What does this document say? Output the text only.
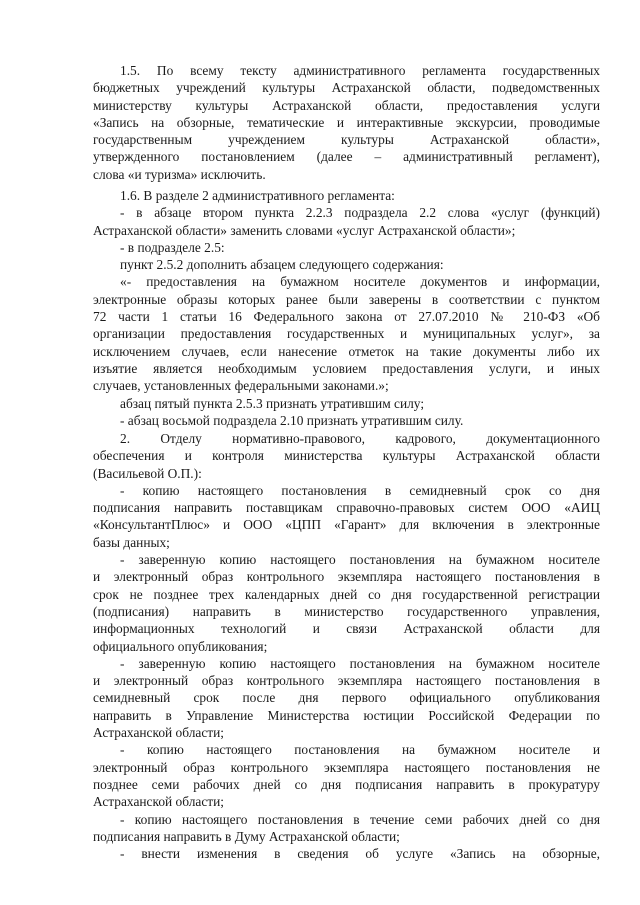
1.5. По всему тексту административного регламента государственных
бюджетных учреждений культуры Астраханской области, подведомственных
министерству культуры Астраханской области, предоставления услуги
«Запись на обзорные, тематические и интерактивные экскурсии, проводимые
государственным учреждением культуры Астраханской области»,
утвержденного постановлением (далее – административный регламент),
слова «и туризма» исключить.
1.6. В разделе 2 административного регламента:
- в абзаце втором пункта 2.2.3 подраздела 2.2 слова «услуг (функций)
Астраханской области» заменить словами «услуг Астраханской области»;
- в подразделе 2.5:
пункт 2.5.2 дополнить абзацем следующего содержания:
«- предоставления на бумажном носителе документов и информации,
электронные образы которых ранее были заверены в соответствии с пунктом
72 части 1 статьи 16 Федерального закона от 27.07.2010 № 210-ФЗ «Об
организации предоставления государственных и муниципальных услуг», за
исключением случаев, если нанесение отметок на такие документы либо их
изъятие является необходимым условием предоставления услуги, и иных
случаев, установленных федеральными законами.»;
абзац пятый пункта 2.5.3 признать утратившим силу;
- абзац восьмой подраздела 2.10 признать утратившим силу.
2. Отделу нормативно-правового, кадрового, документационного
обеспечения и контроля министерства культуры Астраханской области
(Васильевой О.П.):
- копию настоящего постановления в семидневный срок со дня
подписания направить поставщикам справочно-правовых систем ООО «АИЦ
«КонсультантПлюс» и ООО «ЦПП «Гарант» для включения в электронные
базы данных;
- заверенную копию настоящего постановления на бумажном носителе
и электронный образ контрольного экземпляра настоящего постановления в
срок не позднее трех календарных дней со дня государственной регистрации
(подписания) направить в министерство государственного управления,
информационных технологий и связи Астраханской области для
официального опубликования;
- заверенную копию настоящего постановления на бумажном носителе
и электронный образ контрольного экземпляра настоящего постановления в
семидневный срок после дня первого официального опубликования
направить в Управление Министерства юстиции Российской Федерации по
Астраханской области;
- копию настоящего постановления на бумажном носителе и
электронный образ контрольного экземпляра настоящего постановления не
позднее семи рабочих дней со дня подписания направить в прокуратуру
Астраханской области;
- копию настоящего постановления в течение семи рабочих дней со дня
подписания направить в Думу Астраханской области;
- внести изменения в сведения об услуге «Запись на обзорные,
